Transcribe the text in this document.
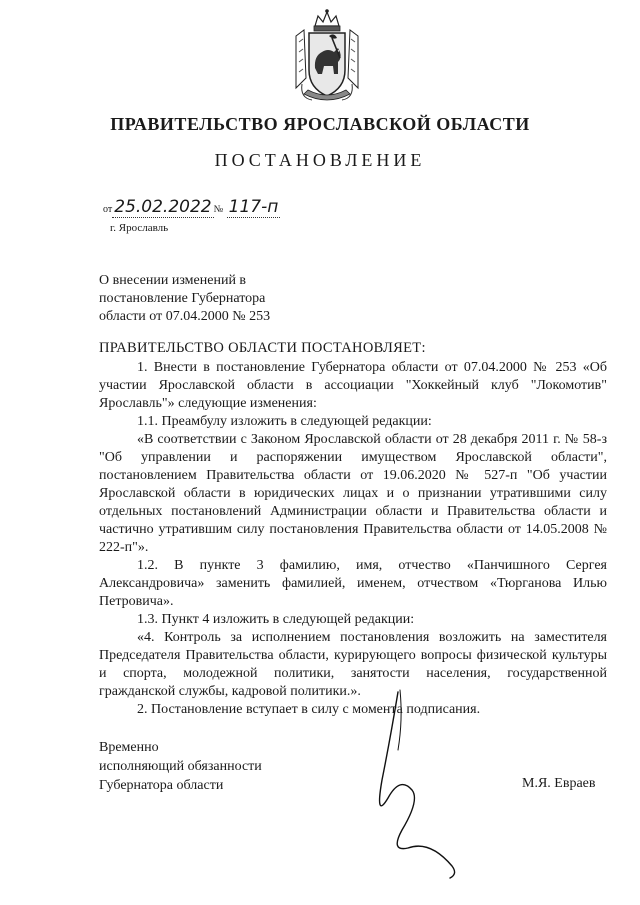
ПРАВИТЕЛЬСТВО ЯРОСЛАВСКОЙ ОБЛАСТИ
ПОСТАНОВЛЕНИЕ
от 25.02.2022 № 117-п
г. Ярославль
О внесении изменений в
постановление Губернатора
области от 07.04.2000 № 253
ПРАВИТЕЛЬСТВО ОБЛАСТИ ПОСТАНОВЛЯЕТ:

1. Внести в постановление Губернатора области от 07.04.2000 № 253 «Об участии Ярославской области в ассоциации "Хоккейный клуб "Локомотив" Ярославль"» следующие изменения:

1.1. Преамбулу изложить в следующей редакции:

«В соответствии с Законом Ярославской области от 28 декабря 2011 г. № 58-з "Об управлении и распоряжении имуществом Ярославской области", постановлением Правительства области от 19.06.2020 № 527-п "Об участии Ярославской области в юридических лицах и о признании утратившими силу отдельных постановлений Администрации области и Правительства области и частично утратившим силу постановления Правительства области от 14.05.2008 № 222-п"».

1.2. В пункте 3 фамилию, имя, отчество «Панчишного Сергея Александровича» заменить фамилией, именем, отчеством «Тюрганова Илью Петровича».

1.3. Пункт 4 изложить в следующей редакции:

«4. Контроль за исполнением постановления возложить на заместителя Председателя Правительства области, курирующего вопросы физической культуры и спорта, молодежной политики, занятости населения, государственной гражданской службы, кадровой политики.».

2. Постановление вступает в силу с момента подписания.

Временно
исполняющий обязанности
Губернатора области	М.Я. Евраев
